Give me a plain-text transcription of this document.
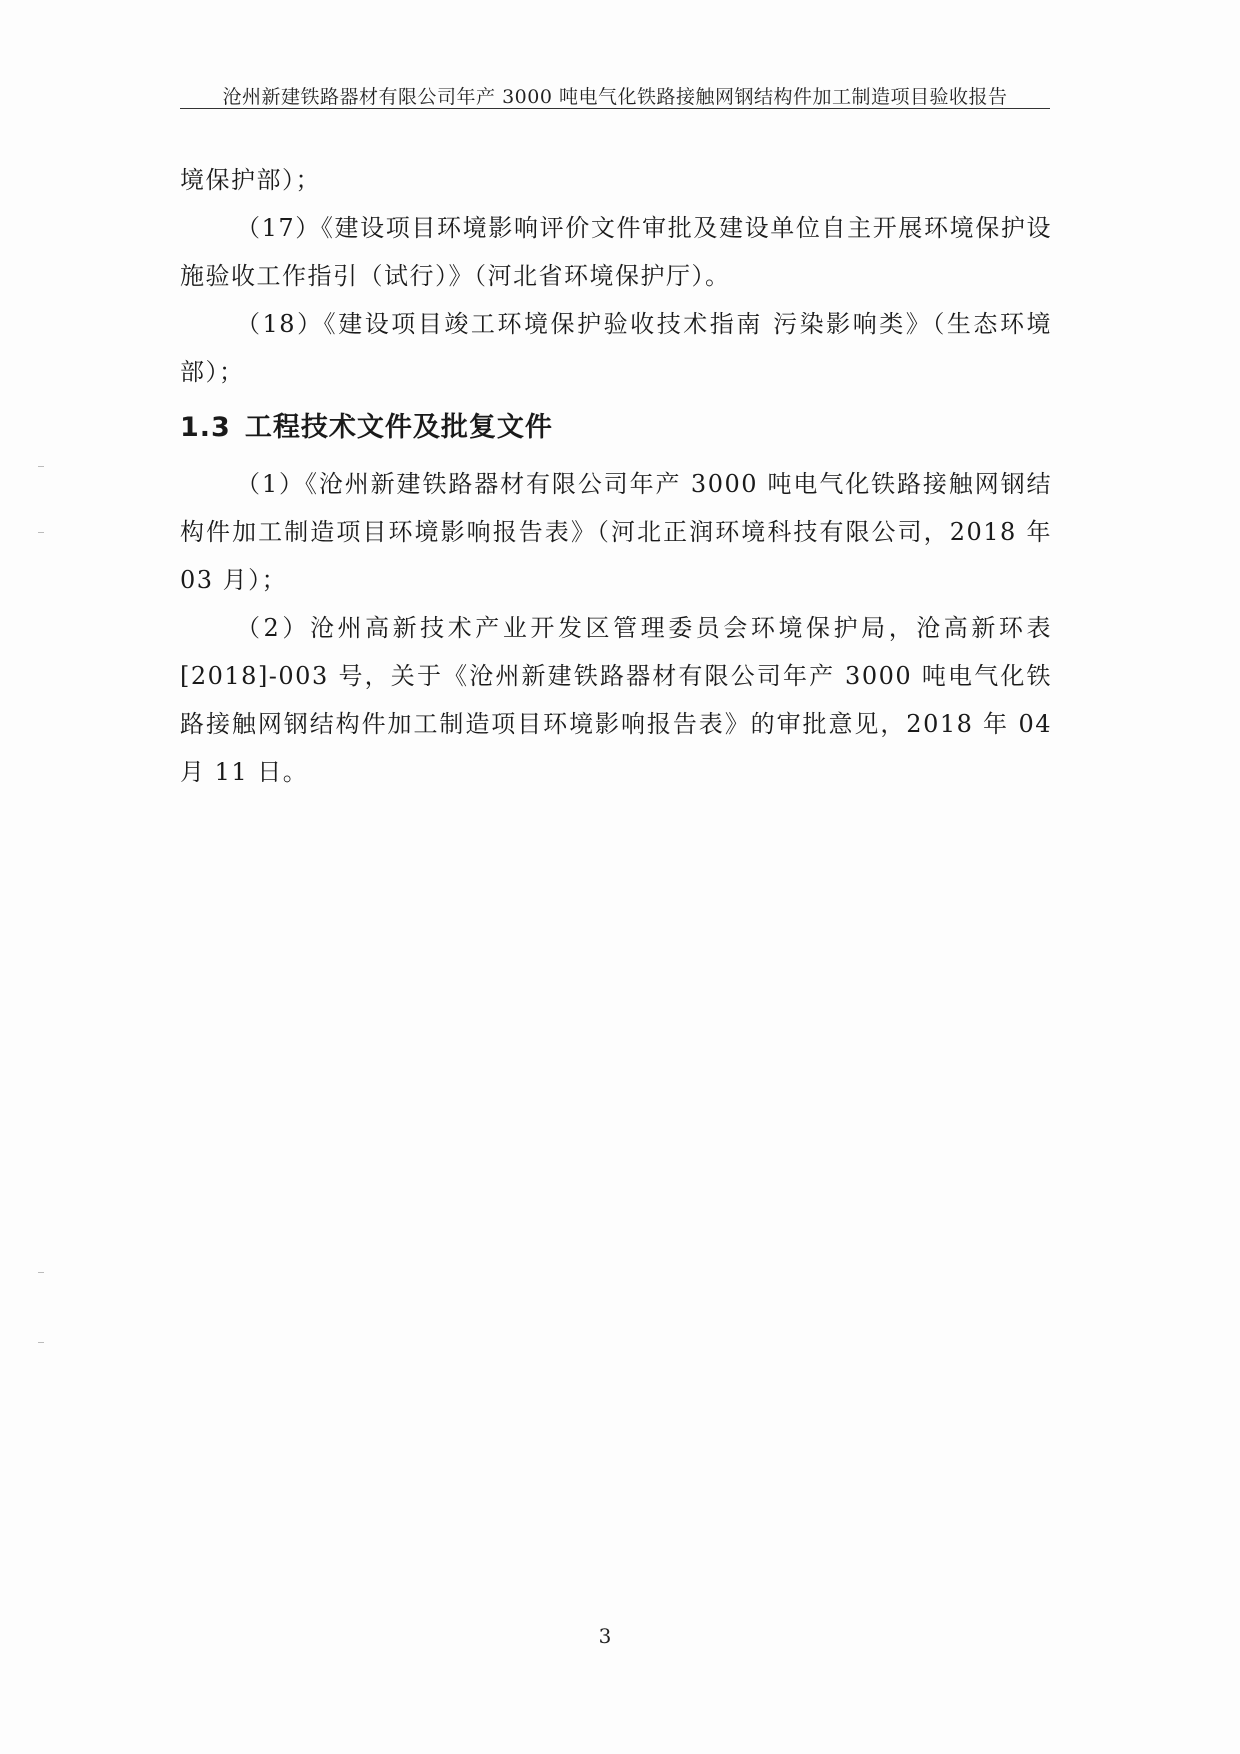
沧州新建铁路器材有限公司年产 3000 吨电气化铁路接触网钢结构件加工制造项目验收报告

境保护部）；

（17）《建设项目环境影响评价文件审批及建设单位自主开展环境保护设施验收工作指引（试行）》（河北省环境保护厅）。

（18）《建设项目竣工环境保护验收技术指南 污染影响类》（生态环境部）；

1.3 工程技术文件及批复文件

（1）《沧州新建铁路器材有限公司年产 3000 吨电气化铁路接触网钢结构件加工制造项目环境影响报告表》（河北正润环境科技有限公司，2018 年 03 月）；

（2）沧州高新技术产业开发区管理委员会环境保护局，沧高新环表[2018]-003 号，关于《沧州新建铁路器材有限公司年产 3000 吨电气化铁路接触网钢结构件加工制造项目环境影响报告表》的审批意见，2018 年 04 月 11 日。

3
